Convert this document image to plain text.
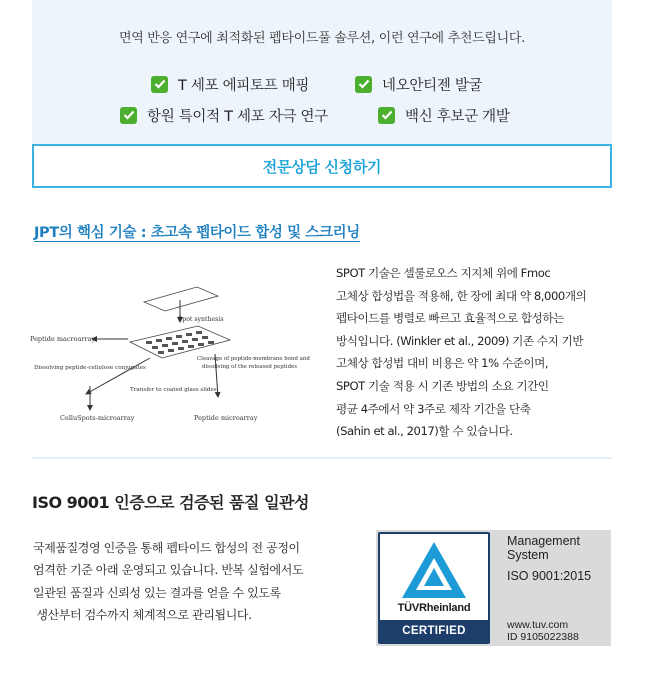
면역 반응 연구에 최적화된 펩타이드풀 솔루션, 이런 연구에 추천드립니다.
T 세포 에피토프 매핑	네오안티젠 발굴
항원 특이적 T 세포 자극 연구	백신 후보군 개발
전문상담 신청하기
JPT의 핵심 기술 : 초고속 펩타이드 합성 및 스크리닝
Spot synthesis
Peptide macroarray
Dissolving peptide-cellulose conjugates
Cleavage of peptide-membrane bond and
dissolving of the released peptides
Transfer to coated glass slides
CelluSpots-microarray	Peptide microarray
SPOT 기술은 셀룰로오스 지지체 위에 Fmoc
고체상 합성법을 적용해, 한 장에 최대 약 8,000개의
펩타이드를 병렬로 빠르고 효율적으로 합성하는
방식입니다. (Winkler et al., 2009) 기존 수지 기반
고체상 합성법 대비 비용은 약 1% 수준이며,
SPOT 기술 적용 시 기존 방법의 소요 기간인
평균 4주에서 약 3주로 제작 기간을 단축
(Sahin et al., 2017)할 수 있습니다.
ISO 9001 인증으로 검증된 품질 일관성
국제품질경영 인증을 통해 펩타이드 합성의 전 공정이
엄격한 기준 아래 운영되고 있습니다. 반복 실험에서도
일관된 품질과 신뢰성 있는 결과를 얻을 수 있도록
생산부터 검수까지 체계적으로 관리됩니다.
TÜVRheinland
CERTIFIED
Management System
ISO 9001:2015
www.tuv.com
ID 9105022388
